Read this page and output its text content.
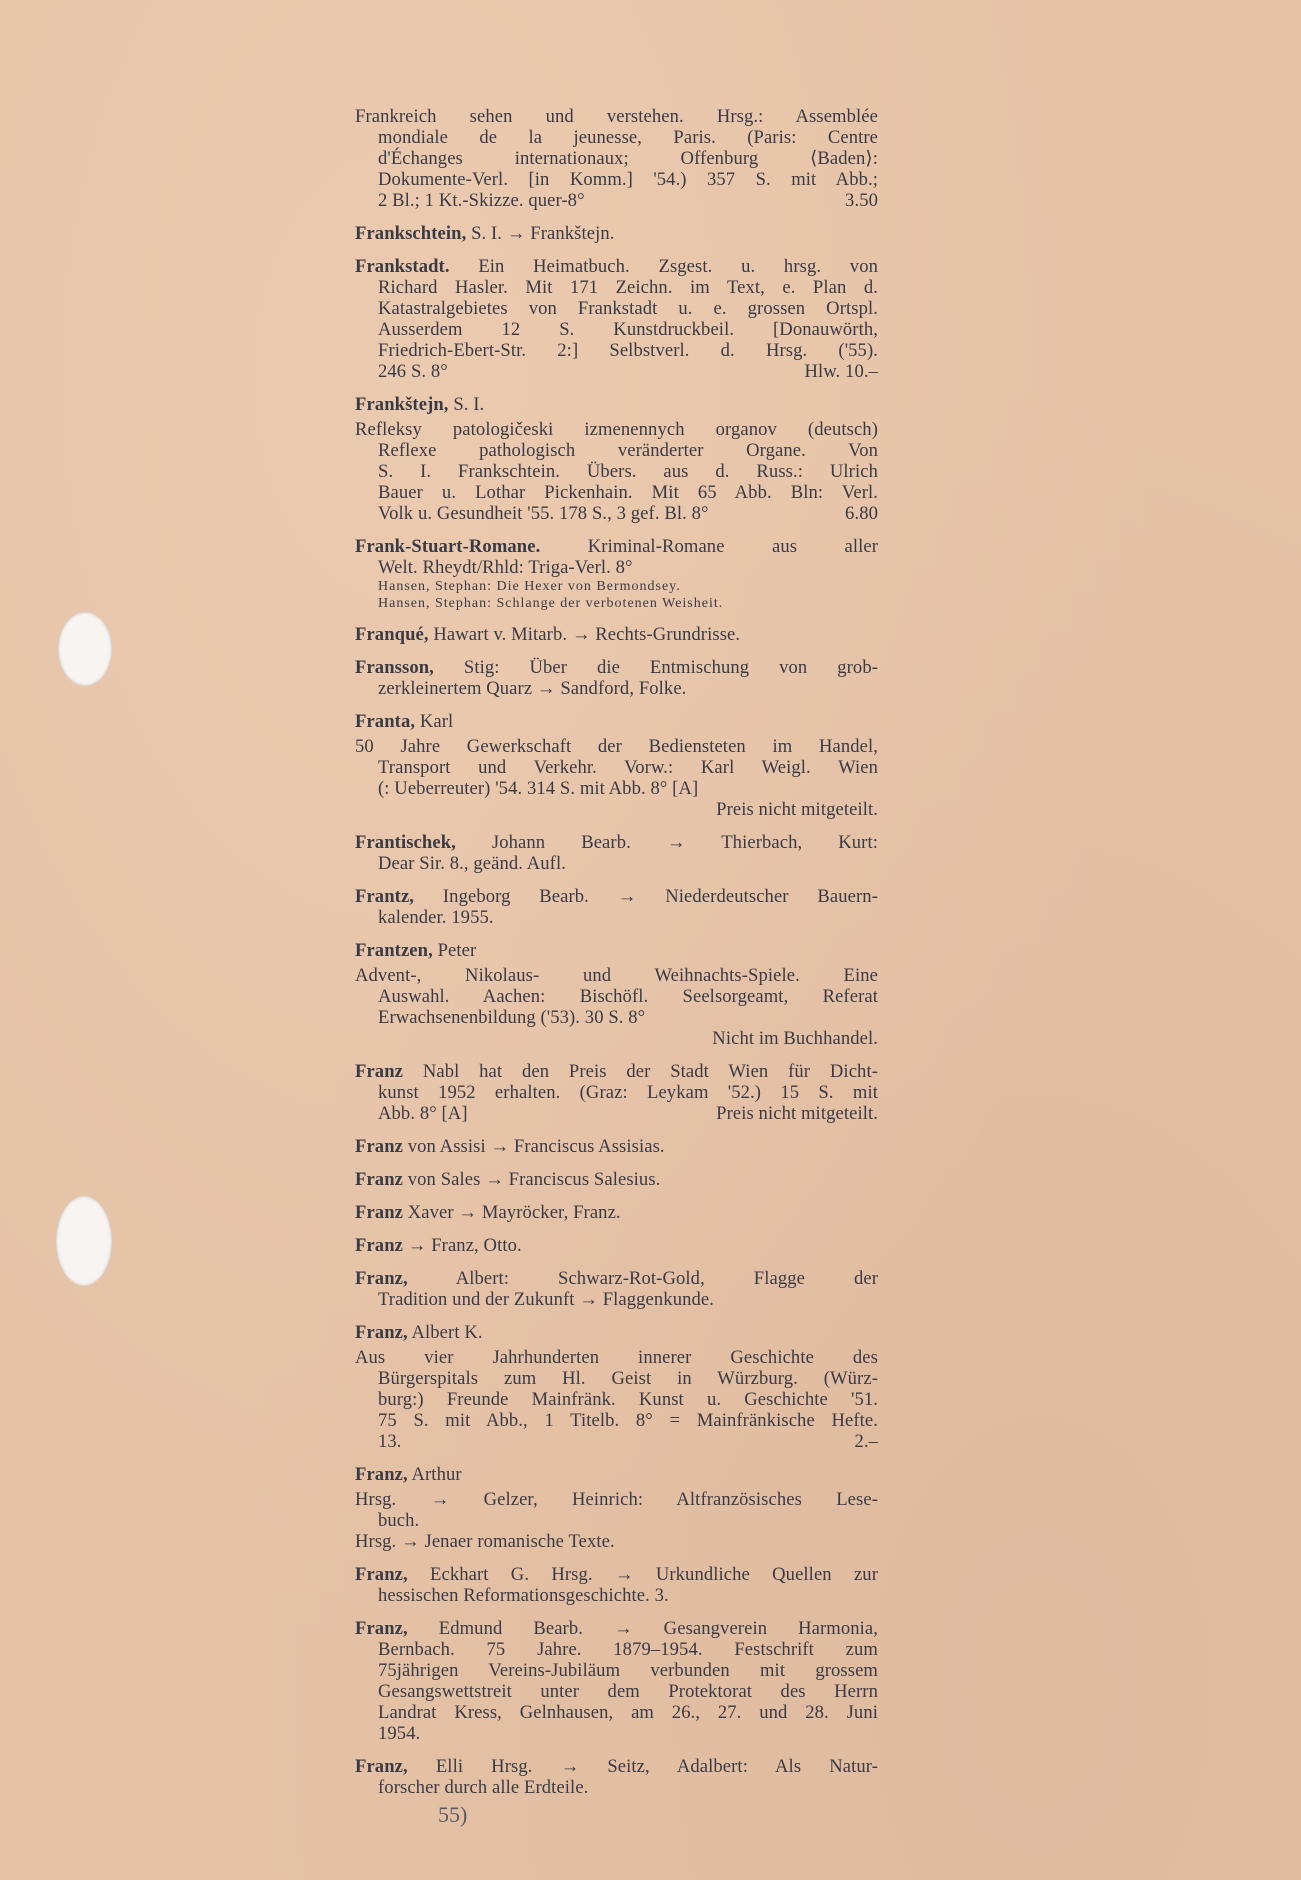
Frankreich sehen und verstehen. Hrsg.: Assemblée
mondiale de la jeunesse, Paris. (Paris: Centre
d'Échanges internationaux; Offenburg ⟨Baden⟩:
Dokumente-Verl. [in Komm.] '54.) 357 S. mit Abb.;
2 Bl.; 1 Kt.-Skizze. quer-8°	3.50
Frankschtein, S. I. → Frankštejn.
Frankstadt. Ein Heimatbuch. Zsgest. u. hrsg. von
Richard Hasler. Mit 171 Zeichn. im Text, e. Plan d.
Katastralgebietes von Frankstadt u. e. grossen Ortspl.
Ausserdem 12 S. Kunstdruckbeil. [Donauwörth,
Friedrich-Ebert-Str. 2:] Selbstverl. d. Hrsg. ('55).
246 S. 8°	Hlw. 10.–
Frankštejn, S. I.
Refleksy patologičeski izmenennych organov (deutsch)
Reflexe pathologisch veränderter Organe. Von
S. I. Frankschtein. Übers. aus d. Russ.: Ulrich
Bauer u. Lothar Pickenhain. Mit 65 Abb. Bln: Verl.
Volk u. Gesundheit '55. 178 S., 3 gef. Bl. 8°	6.80
Frank-Stuart-Romane.	Kriminal-Romane aus aller
Welt. Rheydt/Rhld: Triga-Verl. 8°
Hansen, Stephan: Die Hexer von Bermondsey.
Hansen, Stephan: Schlange der verbotenen Weisheit.
Franqué, Hawart v. Mitarb. → Rechts-Grundrisse.
Fransson, Stig: Über die Entmischung von grob-
zerkleinertem Quarz → Sandford, Folke.
Franta, Karl
50 Jahre Gewerkschaft der Bediensteten im Handel,
Transport und Verkehr. Vorw.: Karl Weigl. Wien
(: Ueberreuter) '54. 314 S. mit Abb. 8° [A]
Preis nicht mitgeteilt.
Frantischek, Johann Bearb. → Thierbach, Kurt:
Dear Sir. 8., geänd. Aufl.
Frantz, Ingeborg Bearb. → Niederdeutscher Bauern-
kalender. 1955.
Frantzen, Peter
Advent-, Nikolaus- und Weihnachts-Spiele. Eine
Auswahl. Aachen: Bischöfl. Seelsorgeamt, Referat
Erwachsenenbildung ('53). 30 S. 8°
Nicht im Buchhandel.
Franz Nabl hat den Preis der Stadt Wien für Dicht-
kunst 1952 erhalten. (Graz: Leykam '52.) 15 S. mit
Abb. 8° [A]	Preis nicht mitgeteilt.
Franz von Assisi → Franciscus Assisias.
Franz von Sales → Franciscus Salesius.
Franz Xaver → Mayröcker, Franz.
Franz → Franz, Otto.
Franz,	Albert: Schwarz-Rot-Gold, Flagge der
Tradition und der Zukunft → Flaggenkunde.
Franz, Albert K.
Aus vier Jahrhunderten innerer Geschichte des
Bürgerspitals zum Hl. Geist in Würzburg. (Würz-
burg:) Freunde Mainfränk. Kunst u. Geschichte '51.
75 S. mit Abb., 1 Titelb. 8° = Mainfränkische Hefte.
13.	2.–
Franz, Arthur
Hrsg. → Gelzer, Heinrich: Altfranzösisches Lese-
buch.
Hrsg. → Jenaer romanische Texte.
Franz, Eckhart G. Hrsg. → Urkundliche Quellen zur
hessischen Reformationsgeschichte. 3.
Franz, Edmund Bearb. → Gesangverein Harmonia,
Bernbach. 75 Jahre. 1879–1954. Festschrift zum
75jährigen Vereins-Jubiläum verbunden mit grossem
Gesangswettstreit unter dem Protektorat des Herrn
Landrat Kress, Gelnhausen, am 26., 27. und 28. Juni
1954.
Franz, Elli Hrsg. → Seitz, Adalbert: Als Natur-
forscher durch alle Erdteile.
55)
